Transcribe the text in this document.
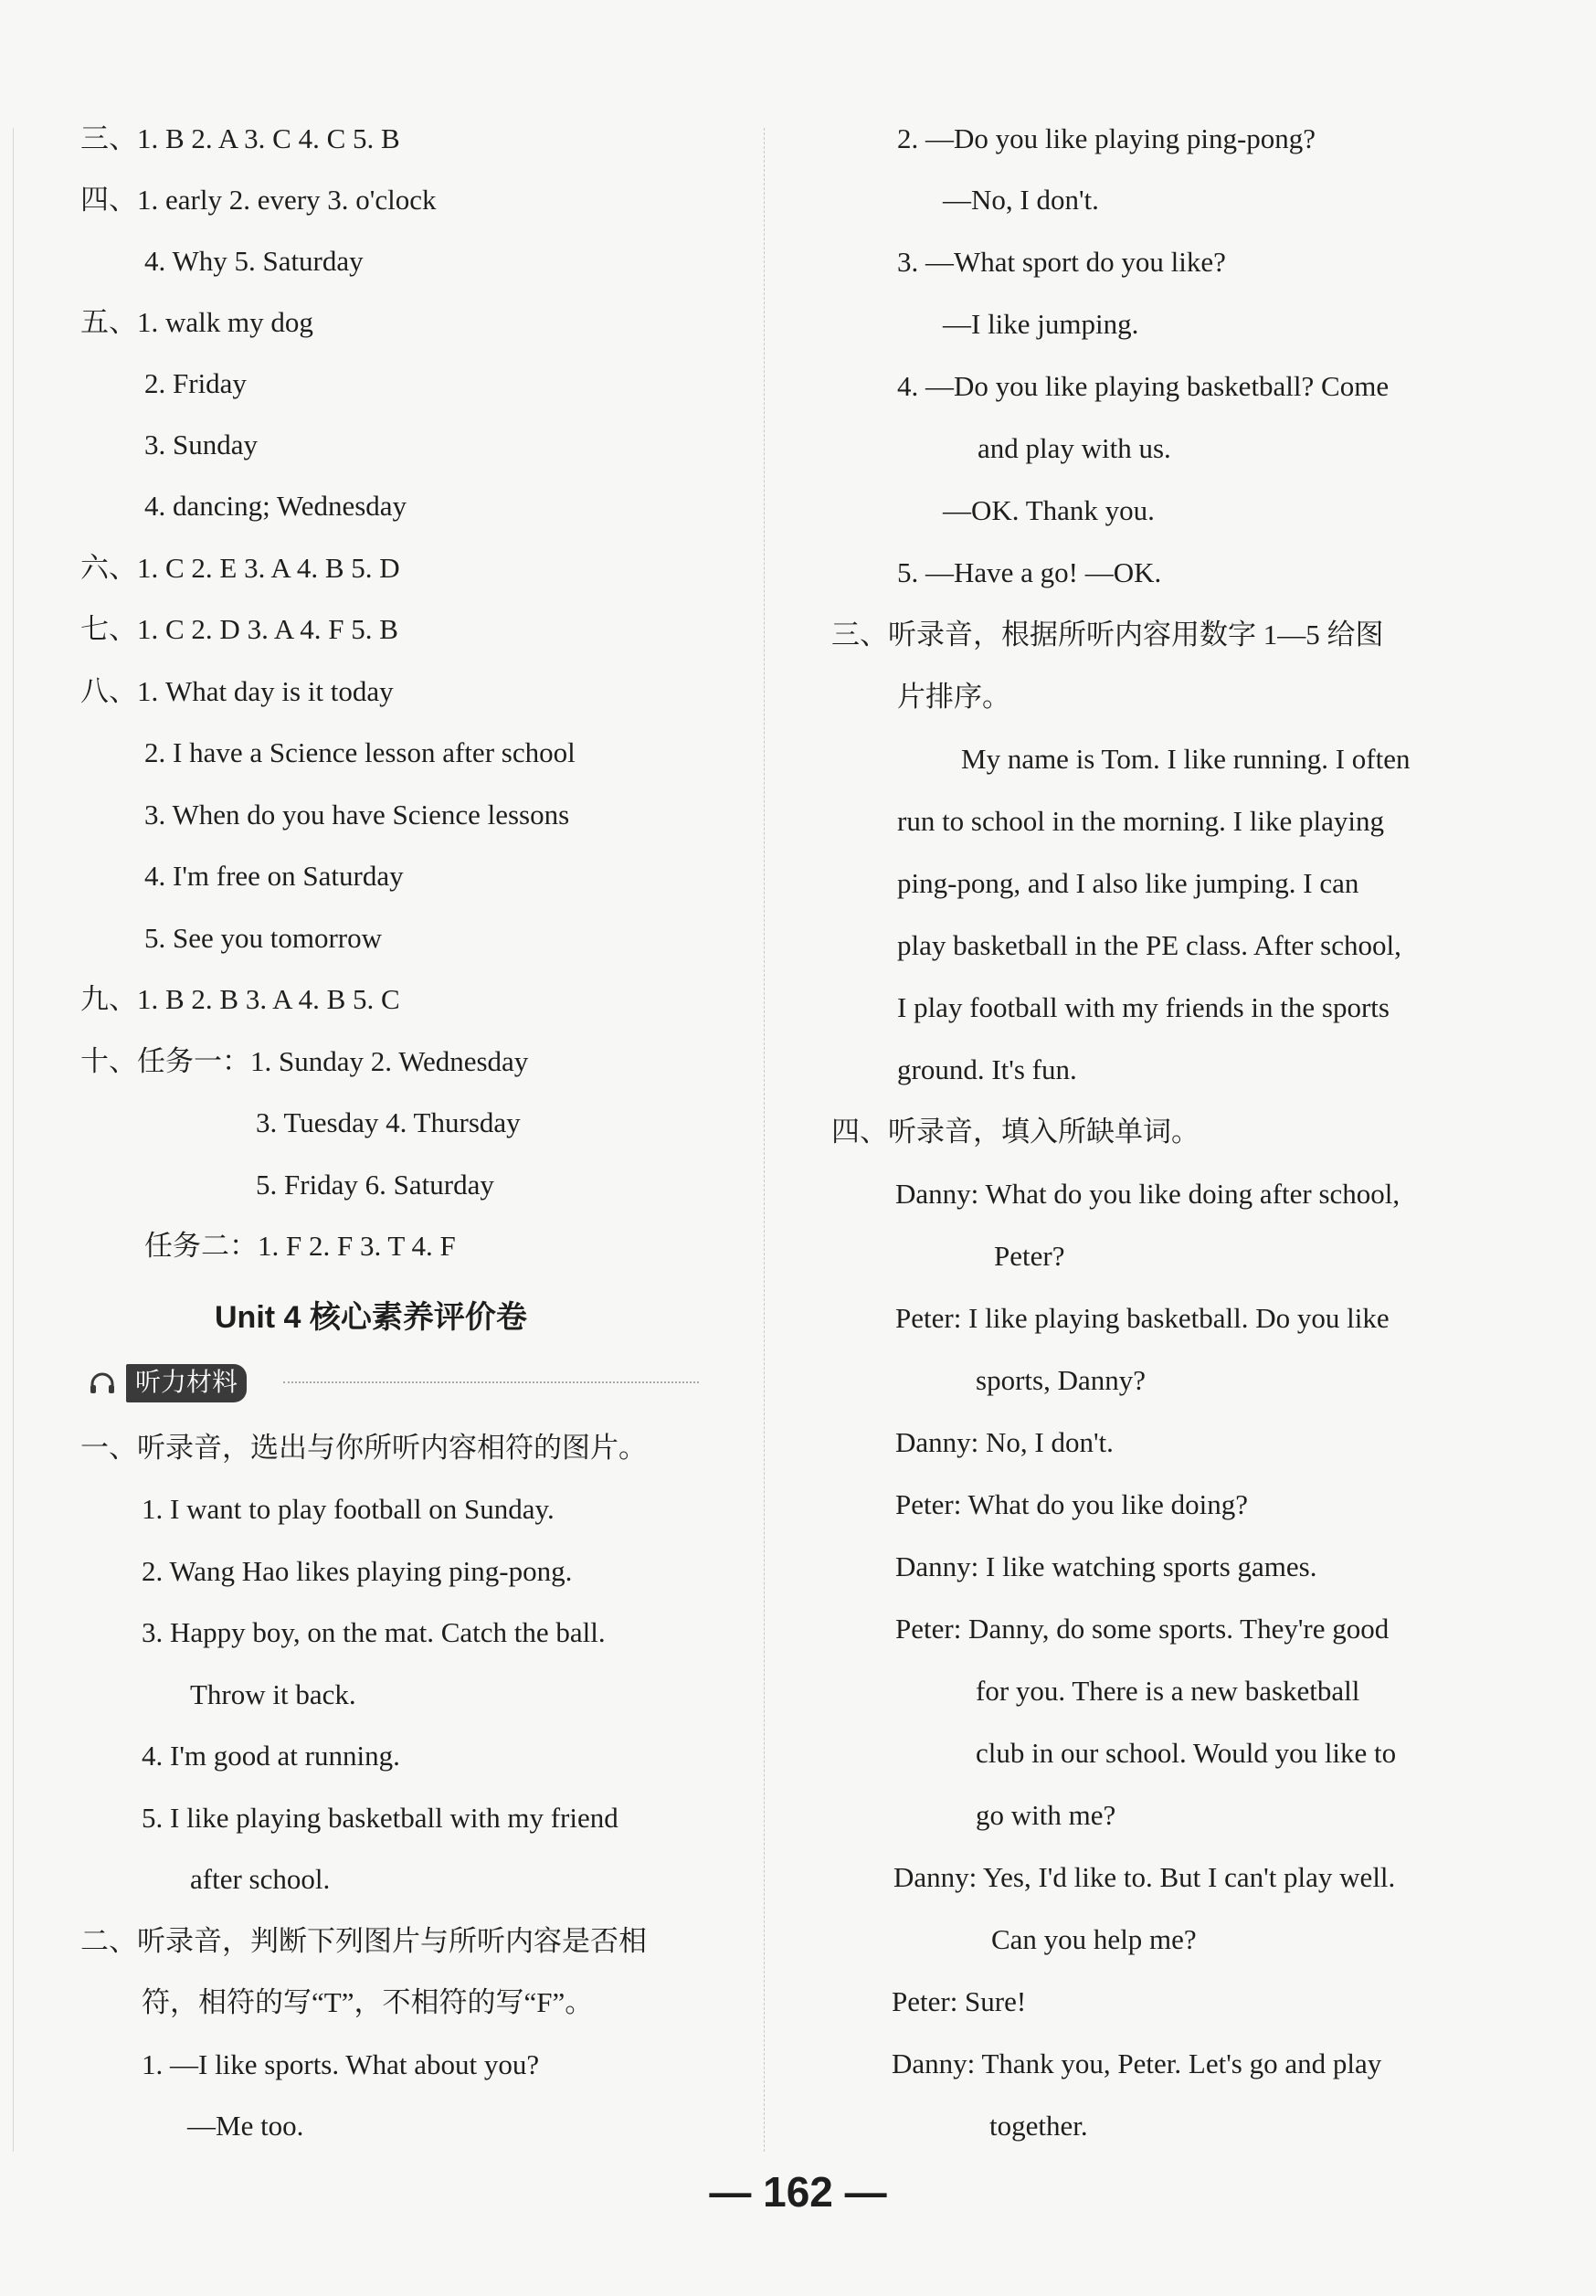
三、1. B 2. A 3. C 4. C 5. B
四、1. early 2. every 3. o'clock
4. Why 5. Saturday
五、1. walk my dog
2. Friday
3. Sunday
4. dancing; Wednesday
六、1. C 2. E 3. A 4. B 5. D
七、1. C 2. D 3. A 4. F 5. B
八、1. What day is it today
2. I have a Science lesson after school
3. When do you have Science lessons
4. I'm free on Saturday
5. See you tomorrow
九、1. B 2. B 3. A 4. B 5. C
十、任务一：1. Sunday 2. Wednesday
3. Tuesday 4. Thursday
5. Friday 6. Saturday
任务二：1. F 2. F 3. T 4. F
Unit 4 核心素养评价卷
听力材料
一、听录音，选出与你所听内容相符的图片。
1. I want to play football on Sunday.
2. Wang Hao likes playing ping-pong.
3. Happy boy, on the mat. Catch the ball.
Throw it back.
4. I'm good at running.
5. I like playing basketball with my friend
after school.
二、听录音，判断下列图片与所听内容是否相
符，相符的写“T”，不相符的写“F”。
1. —I like sports. What about you?
—Me too.
2. —Do you like playing ping-pong?
—No, I don't.
3. —What sport do you like?
—I like jumping.
4. —Do you like playing basketball? Come
and play with us.
—OK. Thank you.
5. —Have a go! —OK.
三、听录音，根据所听内容用数字 1—5 给图
片排序。
My name is Tom. I like running. I often
run to school in the morning. I like playing
ping-pong, and I also like jumping. I can
play basketball in the PE class. After school,
I play football with my friends in the sports
ground. It's fun.
四、听录音，填入所缺单词。
Danny: What do you like doing after school,
Peter?
Peter: I like playing basketball. Do you like
sports, Danny?
Danny: No, I don't.
Peter: What do you like doing?
Danny: I like watching sports games.
Peter: Danny, do some sports. They're good
for you. There is a new basketball
club in our school. Would you like to
go with me?
Danny: Yes, I'd like to. But I can't play well.
Can you help me?
Peter: Sure!
Danny: Thank you, Peter. Let's go and play
together.
— 162 —
